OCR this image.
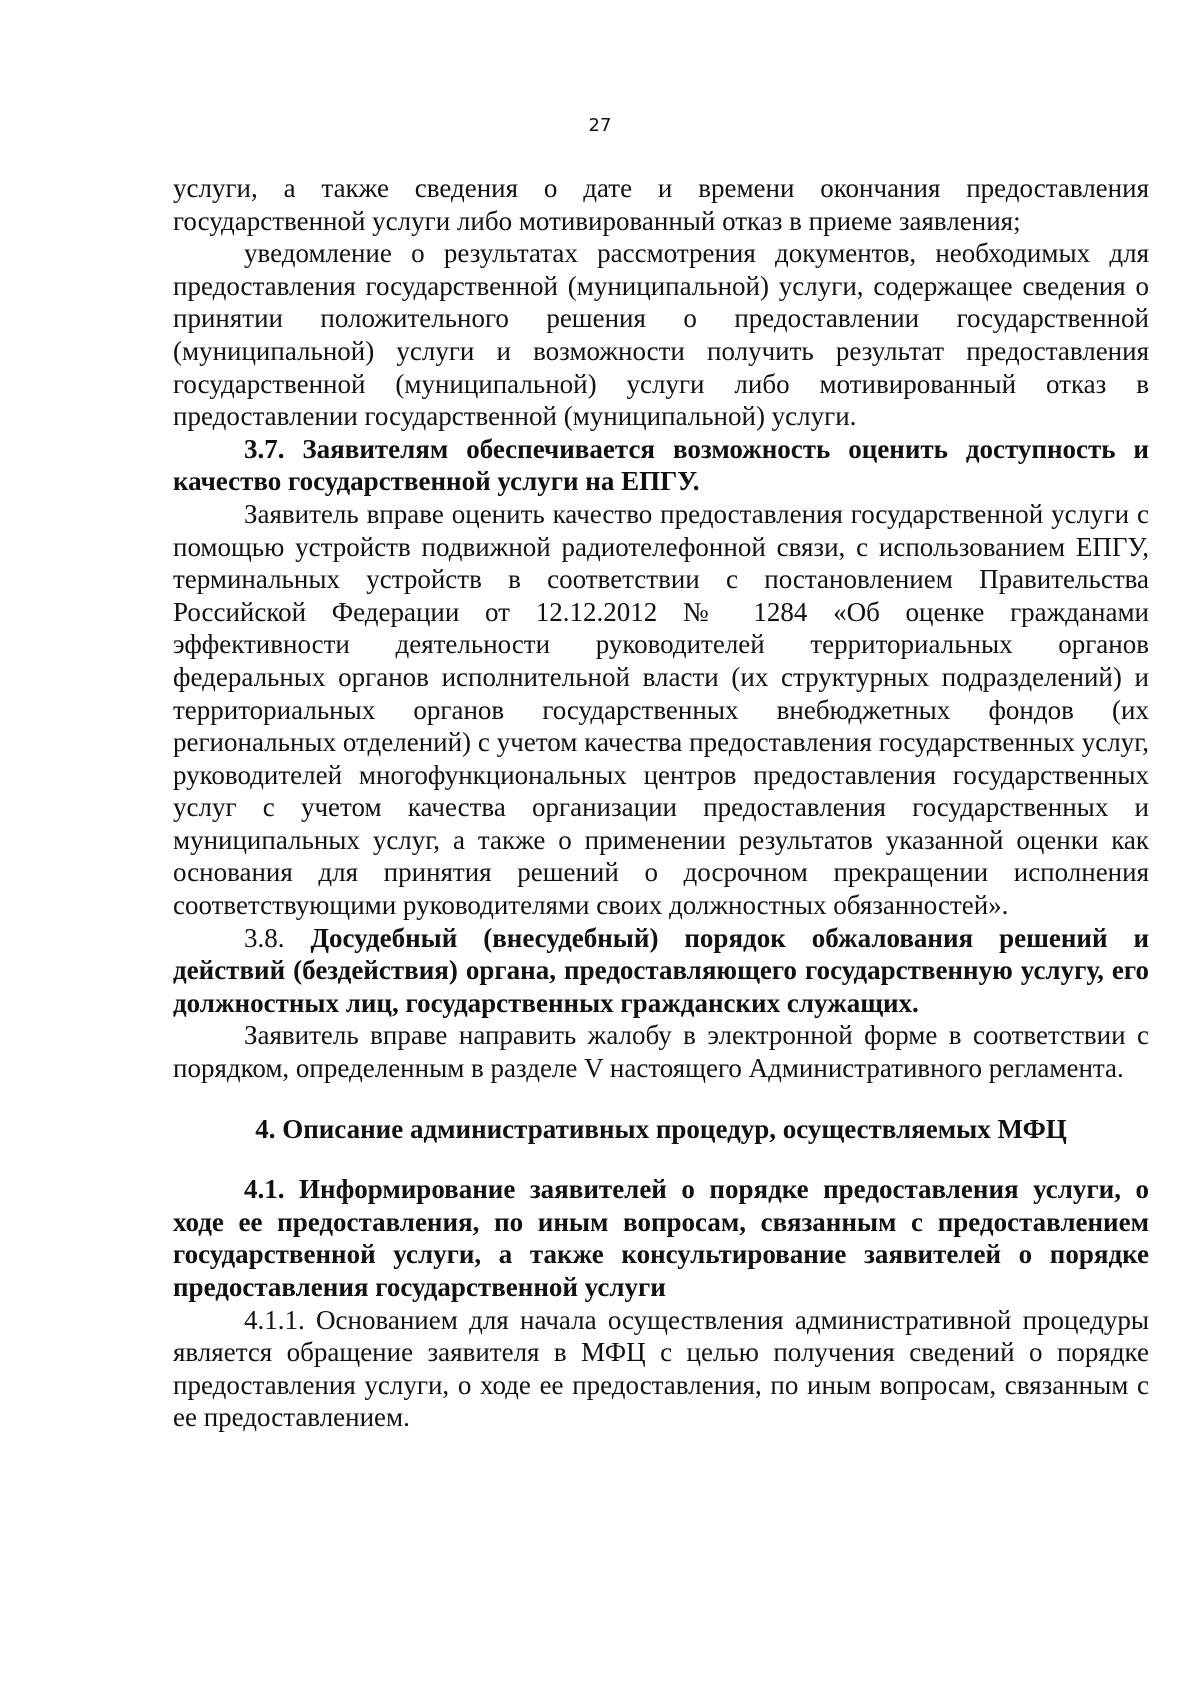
27

услуги, а также сведения о дате и времени окончания предоставления государственной услуги либо мотивированный отказ в приеме заявления;

уведомление о результатах рассмотрения документов, необходимых для предоставления государственной (муниципальной) услуги, содержащее сведения о принятии положительного решения о предоставлении государственной (муниципальной) услуги и возможности получить результат предоставления государственной (муниципальной) услуги либо мотивированный отказ в предоставлении государственной (муниципальной) услуги.

3.7. Заявителям обеспечивается возможность оценить доступность и качество государственной услуги на ЕПГУ.

Заявитель вправе оценить качество предоставления государственной услуги с помощью устройств подвижной радиотелефонной связи, с использованием ЕПГУ, терминальных устройств в соответствии с постановлением Правительства Российской Федерации от 12.12.2012 № 1284 «Об оценке гражданами эффективности деятельности руководителей территориальных органов федеральных органов исполнительной власти (их структурных подразделений) и территориальных органов государственных внебюджетных фондов (их региональных отделений) с учетом качества предоставления государственных услуг, руководителей многофункциональных центров предоставления государственных услуг с учетом качества организации предоставления государственных и муниципальных услуг, а также о применении результатов указанной оценки как основания для принятия решений о досрочном прекращении исполнения соответствующими руководителями своих должностных обязанностей».

3.8. Досудебный (внесудебный) порядок обжалования решений и действий (бездействия) органа, предоставляющего государственную услугу, его должностных лиц, государственных гражданских служащих.

Заявитель вправе направить жалобу в электронной форме в соответствии с порядком, определенным в разделе V настоящего Административного регламента.

4. Описание административных процедур, осуществляемых МФЦ

4.1. Информирование заявителей о порядке предоставления услуги, о ходе ее предоставления, по иным вопросам, связанным с предоставлением государственной услуги, а также консультирование заявителей о порядке предоставления государственной услуги

4.1.1. Основанием для начала осуществления административной процедуры является обращение заявителя в МФЦ с целью получения сведений о порядке предоставления услуги, о ходе ее предоставления, по иным вопросам, связанным с ее предоставлением.
